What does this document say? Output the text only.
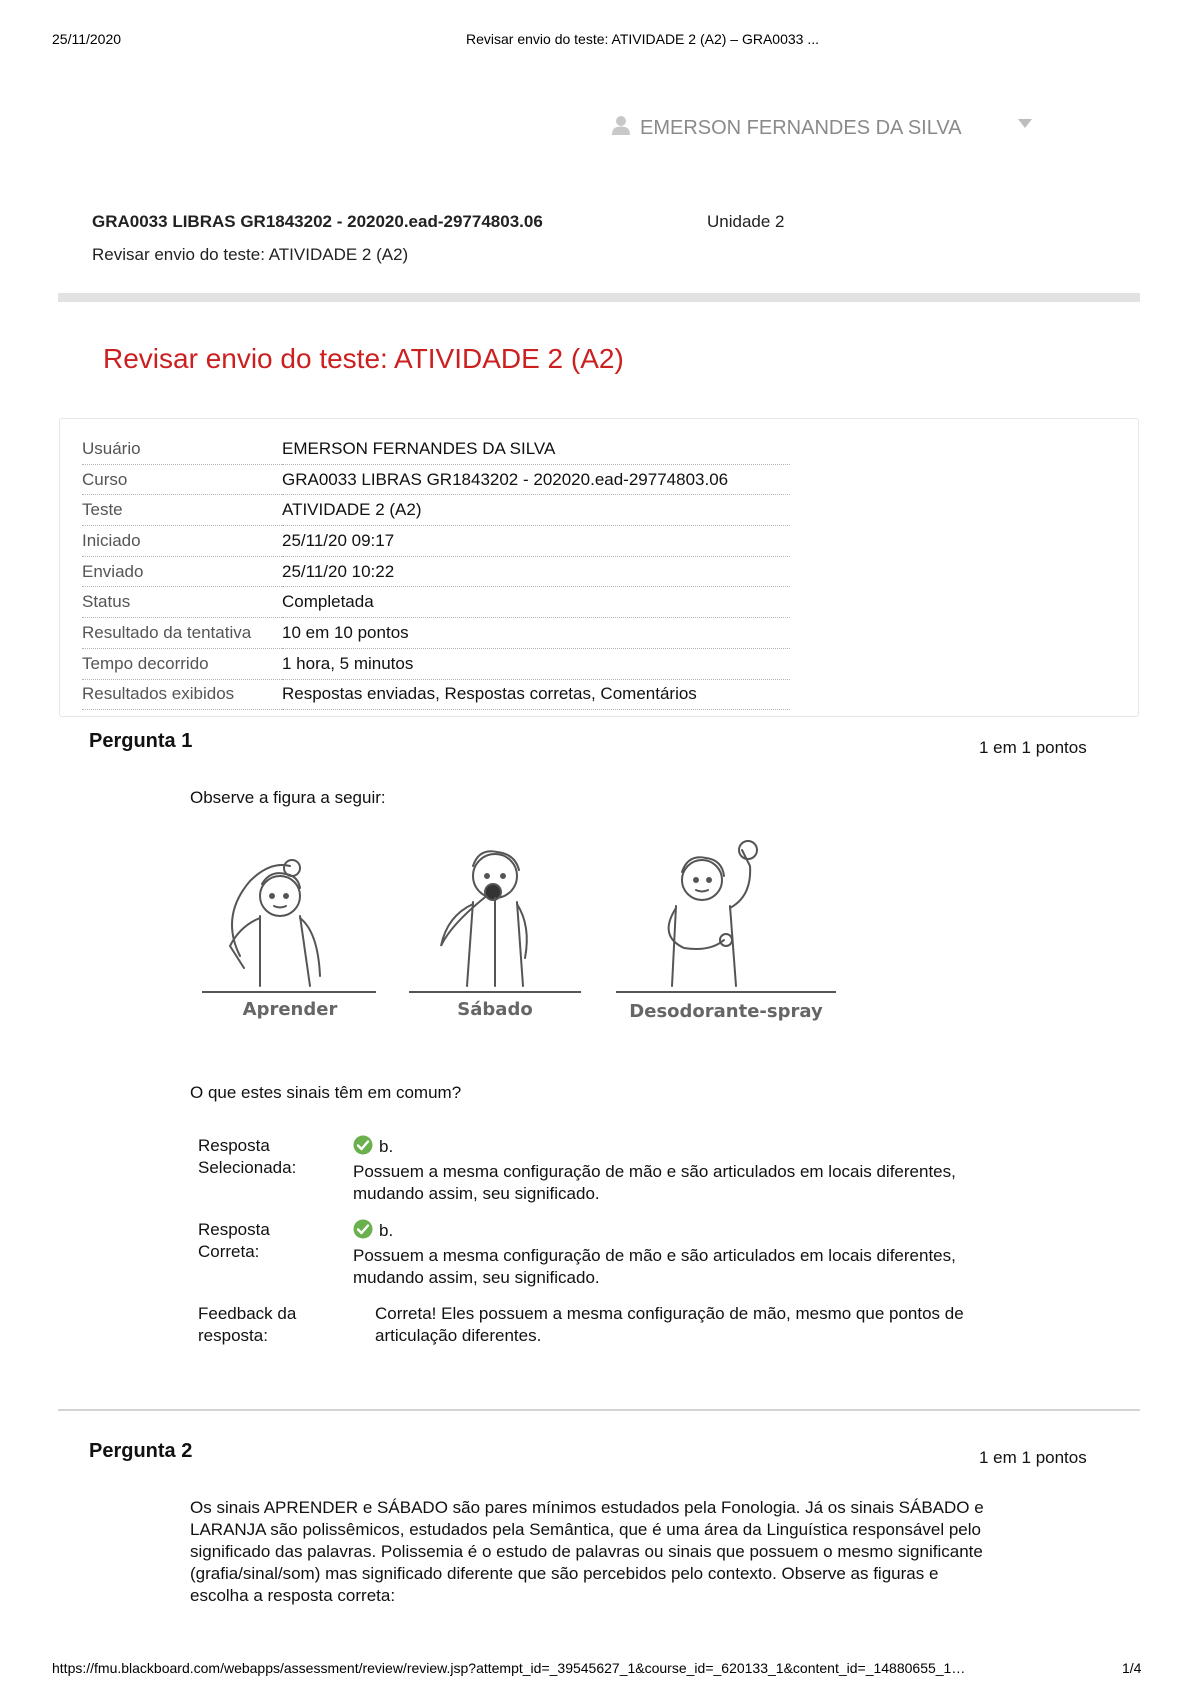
25/11/2020	Revisar envio do teste: ATIVIDADE 2 (A2) – GRA0033 ...
EMERSON FERNANDES DA SILVA
GRA0033 LIBRAS GR1843202 - 202020.ead-29774803.06	Unidade 2
Revisar envio do teste: ATIVIDADE 2 (A2)
Revisar envio do teste: ATIVIDADE 2 (A2)
Usuário	EMERSON FERNANDES DA SILVA
Curso	GRA0033 LIBRAS GR1843202 - 202020.ead-29774803.06
Teste	ATIVIDADE 2 (A2)
Iniciado	25/11/20 09:17
Enviado	25/11/20 10:22
Status	Completada
Resultado da tentativa	10 em 10 pontos
Tempo decorrido	1 hora, 5 minutos
Resultados exibidos	Respostas enviadas, Respostas corretas, Comentários
Pergunta 1	1 em 1 pontos
Observe a figura a seguir:
Aprender	Sábado	Desodorante-spray
O que estes sinais têm em comum?
Resposta
Selecionada:
b.
Possuem a mesma configuração de mão e são articulados em locais diferentes,
mudando assim, seu significado.
Resposta
Correta:
b.
Possuem a mesma configuração de mão e são articulados em locais diferentes,
mudando assim, seu significado.
Feedback da
resposta:
Correta! Eles possuem a mesma configuração de mão, mesmo que pontos de
articulação diferentes.
Pergunta 2	1 em 1 pontos
Os sinais APRENDER e SÁBADO são pares mínimos estudados pela Fonologia. Já os sinais SÁBADO e
LARANJA são polissêmicos, estudados pela Semântica, que é uma área da Linguística responsável pelo
significado das palavras. Polissemia é o estudo de palavras ou sinais que possuem o mesmo significante
(grafia/sinal/som) mas significado diferente que são percebidos pelo contexto. Observe as figuras e
escolha a resposta correta:
https://fmu.blackboard.com/webapps/assessment/review/review.jsp?attempt_id=_39545627_1&course_id=_620133_1&content_id=_14880655_1…	1/4
